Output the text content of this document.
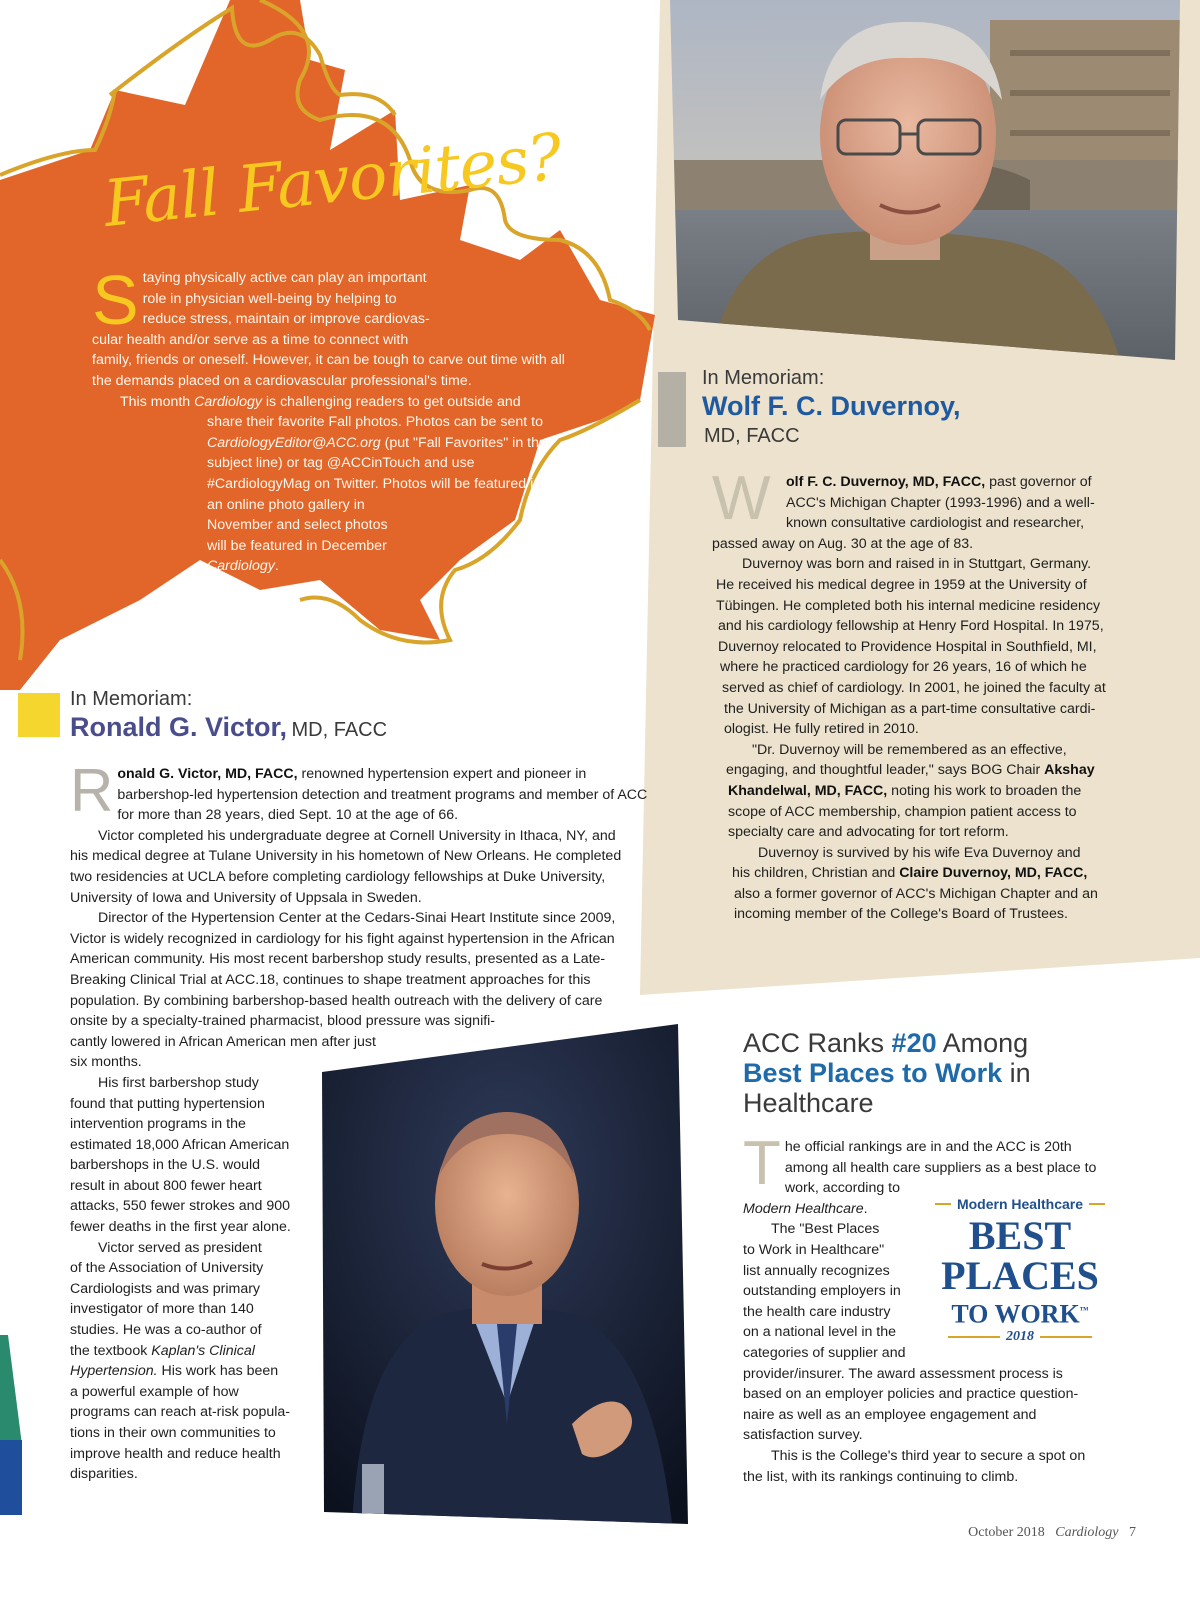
In Memoriam:
Wolf F. C. Duvernoy,
MD, FACC

W olf F. C. Duvernoy, MD, FACC, past governor of
ACC's Michigan Chapter (1993-1996) and a well-
known consultative cardiologist and researcher,
passed away on Aug. 30 at the age of 83.

Duvernoy was born and raised in in Stuttgart, Germany.
He received his medical degree in 1959 at the University of
Tübingen. He completed both his internal medicine residency
and his cardiology fellowship at Henry Ford Hospital. In 1975,
Duvernoy relocated to Providence Hospital in Southfield, MI,
where he practiced cardiology for 26 years, 16 of which he
served as chief of cardiology. In 2001, he joined the faculty at
the University of Michigan as a part-time consultative cardi-
ologist. He fully retired in 2010.

"Dr. Duvernoy will be remembered as an effective,
engaging, and thoughtful leader," says BOG Chair Akshay
Khandelwal, MD, FACC, noting his work to broaden the
scope of ACC membership, champion patient access to
specialty care and advocating for tort reform.

Duvernoy is survived by his wife Eva Duvernoy and
his children, Christian and Claire Duvernoy, MD, FACC,
also a former governor of ACC's Michigan Chapter and an
incoming member of the College's Board of Trustees.

Fall Favorites?

S taying physically active can play an important
role in physician well-being by helping to
reduce stress, maintain or improve cardiovas-
cular health and/or serve as a time to connect with
family, friends or oneself. However, it can be tough to carve out time with all
the demands placed on a cardiovascular professional's time.

This month Cardiology is challenging readers to get outside and
share their favorite Fall photos. Photos can be sent to
CardiologyEditor@ACC.org (put "Fall Favorites" in the
subject line) or tag @ACCinTouch and use
#CardiologyMag on Twitter. Photos will be featured in
an online photo gallery in
November and select photos
will be featured in December
Cardiology.

In Memoriam:
Ronald G. Victor, MD, FACC

R onald G. Victor, MD, FACC, renowned hypertension expert and pioneer in
barbershop-led hypertension detection and treatment programs and member of ACC
for more than 28 years, died Sept. 10 at the age of 66.

Victor completed his undergraduate degree at Cornell University in Ithaca, NY, and
his medical degree at Tulane University in his hometown of New Orleans. He completed
two residencies at UCLA before completing cardiology fellowships at Duke University,
University of Iowa and University of Uppsala in Sweden.

Director of the Hypertension Center at the Cedars-Sinai Heart Institute since 2009,
Victor is widely recognized in cardiology for his fight against hypertension in the African
American community. His most recent barbershop study results, presented as a Late-
Breaking Clinical Trial at ACC.18, continues to shape treatment approaches for this
population. By combining barbershop-based health outreach with the delivery of care
onsite by a specialty-trained pharmacist, blood pressure was signifi-
cantly lowered in African American men after just
six months.

His first barbershop study
found that putting hypertension
intervention programs in the
estimated 18,000 African American
barbershops in the U.S. would
result in about 800 fewer heart
attacks, 550 fewer strokes and 900
fewer deaths in the first year alone.

Victor served as president
of the Association of University
Cardiologists and was primary
investigator of more than 140
studies. He was a co-author of
the textbook Kaplan's Clinical
Hypertension. His work has been
a powerful example of how
programs can reach at-risk popula-
tions in their own communities to
improve health and reduce health
disparities.

ACC Ranks #20 Among
Best Places to Work in
Healthcare

T he official rankings are in and the ACC is 20th
among all health care suppliers as a best place to
work, according to
Modern Healthcare.

The "Best Places
to Work in Healthcare"
list annually recognizes
outstanding employers in
the health care industry
on a national level in the
categories of supplier and
provider/insurer. The award assessment process is
based on an employer policies and practice question-
naire as well as an employee engagement and
satisfaction survey.

This is the College's third year to secure a spot on
the list, with its rankings continuing to climb.

Modern Healthcare
BEST
PLACES
TO WORK™
2018
October 2018 Cardiology 7
